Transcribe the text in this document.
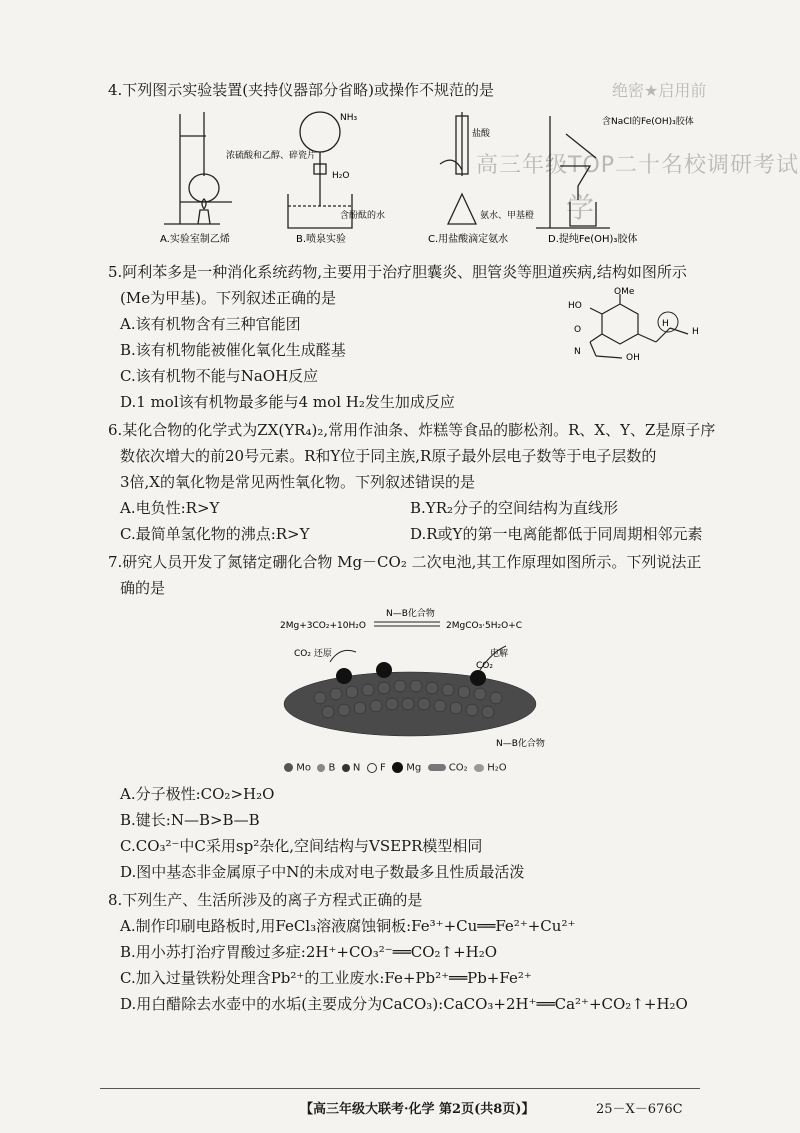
绝密★启用前
高三年级TOP二十名校调研考试
学
4.下列图示实验装置(夹持仪器部分省略)或操作不规范的是
浓硫酸和乙醇、碎瓷片
A.实验室制乙烯
NH₃
H₂O
含酚酞的水
B.喷泉实验
盐酸
氨水、甲基橙
C.用盐酸滴定氨水
含NaCl的Fe(OH)₃胶体
D.提纯Fe(OH)₃胶体
5.阿利苯多是一种消化系统药物,主要用于治疗胆囊炎、胆管炎等胆道疾病,结构如图所示
(Me为甲基)。下列叙述正确的是
A.该有机物含有三种官能团
B.该有机物能被催化氧化生成醛基
C.该有机物不能与NaOH反应
D.1 mol该有机物最多能与4 mol H₂发生加成反应
HO
OMe
O
H
N
OH
H
6.某化合物的化学式为ZX(YR₄)₂,常用作油条、炸糕等食品的膨松剂。R、X、Y、Z是原子序
数依次增大的前20号元素。R和Y位于同主族,R原子最外层电子数等于电子层数的
3倍,X的氧化物是常见两性氧化物。下列叙述错误的是
A.电负性:R>Y	B.YR₂分子的空间结构为直线形
C.最简单氢化物的沸点:R>Y	D.R或Y的第一电离能都低于同周期相邻元素
7.研究人员开发了氮锗定硼化合物 Mg－CO₂ 二次电池,其工作原理如图所示。下列说法正
确的是
2Mg+3CO₂+10H₂O
N—B化合物
2MgCO₃·5H₂O+C
CO₂ 还原	电解
CO₂
N—B化合物
Mo B N F Mg	CO₂ H₂O
A.分子极性:CO₂>H₂O
B.键长:N—B>B—B
C.CO₃²⁻中C采用sp²杂化,空间结构与VSEPR模型相同
D.图中基态非金属原子中N的未成对电子数最多且性质最活泼
8.下列生产、生活所涉及的离子方程式正确的是
A.制作印刷电路板时,用FeCl₃溶液腐蚀铜板:Fe³⁺+Cu══Fe²⁺+Cu²⁺
B.用小苏打治疗胃酸过多症:2H⁺+CO₃²⁻══CO₂↑+H₂O
C.加入过量铁粉处理含Pb²⁺的工业废水:Fe+Pb²⁺══Pb+Fe²⁺
D.用白醋除去水壶中的水垢(主要成分为CaCO₃):CaCO₃+2H⁺══Ca²⁺+CO₂↑+H₂O
【高三年级大联考·化学 第2页(共8页)】	25－X－676C
